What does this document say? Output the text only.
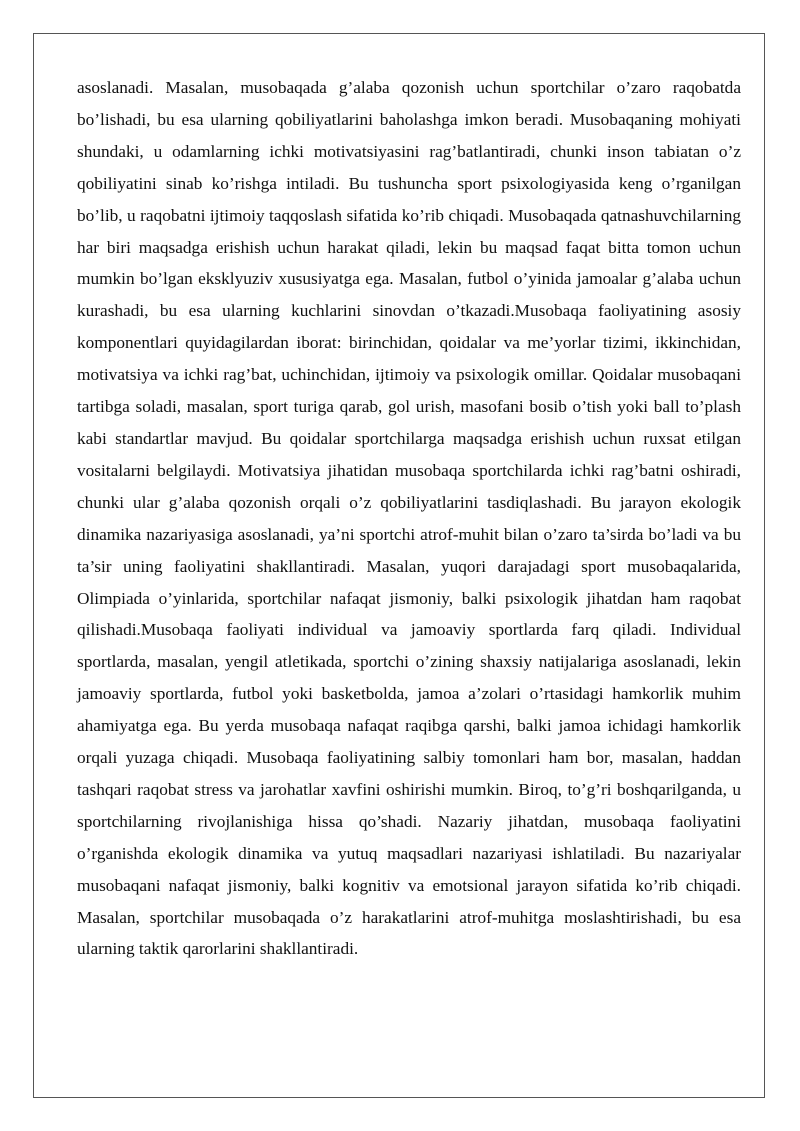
asoslanadi. Masalan, musobaqada g’alaba qozonish uchun sportchilar o’zaro raqobatda bo’lishadi, bu esa ularning qobiliyatlarini baholashga imkon beradi. Musobaqaning mohiyati shundaki, u odamlarning ichki motivatsiyasini rag’batlantiradi, chunki inson tabiatan o’z qobiliyatini sinab ko’rishga intiladi. Bu tushuncha sport psixologiyasida keng o’rganilgan bo’lib, u raqobatni ijtimoiy taqqoslash sifatida ko’rib chiqadi. Musobaqada qatnashuvchilarning har biri maqsadga erishish uchun harakat qiladi, lekin bu maqsad faqat bitta tomon uchun mumkin bo’lgan eksklyuziv xususiyatga ega. Masalan, futbol o’yinida jamoalar g’alaba uchun kurashadi, bu esa ularning kuchlarini sinovdan o’tkazadi.Musobaqa faoliyatining asosiy komponentlari quyidagilardan iborat: birinchidan, qoidalar va me’yorlar tizimi, ikkinchidan, motivatsiya va ichki rag’bat, uchinchidan, ijtimoiy va psixologik omillar. Qoidalar musobaqani tartibga soladi, masalan, sport turiga qarab, gol urish, masofani bosib o’tish yoki ball to’plash kabi standartlar mavjud. Bu qoidalar sportchilarga maqsadga erishish uchun ruxsat etilgan vositalarni belgilaydi. Motivatsiya jihatidan musobaqa sportchilarda ichki rag’batni oshiradi, chunki ular g’alaba qozonish orqali o’z qobiliyatlarini tasdiqlashadi. Bu jarayon ekologik dinamika nazariyasiga asoslanadi, ya’ni sportchi atrof-muhit bilan o’zaro ta’sirda bo’ladi va bu ta’sir uning faoliyatini shakllantiradi. Masalan, yuqori darajadagi sport musobaqalarida, Olimpiada o’yinlarida, sportchilar nafaqat jismoniy, balki psixologik jihatdan ham raqobat qilishadi.Musobaqa faoliyati individual va jamoaviy sportlarda farq qiladi. Individual sportlarda, masalan, yengil atletikada, sportchi o’zining shaxsiy natijalariga asoslanadi, lekin jamoaviy sportlarda, futbol yoki basketbolda, jamoa a’zolari o’rtasidagi hamkorlik muhim ahamiyatga ega. Bu yerda musobaqa nafaqat raqibga qarshi, balki jamoa ichidagi hamkorlik orqali yuzaga chiqadi. Musobaqa faoliyatining salbiy tomonlari ham bor, masalan, haddan tashqari raqobat stress va jarohatlar xavfini oshirishi mumkin. Biroq, to’g’ri boshqarilganda, u sportchilarning rivojlanishiga hissa qo’shadi. Nazariy jihatdan, musobaqa faoliyatini o’rganishda ekologik dinamika va yutuq maqsadlari nazariyasi ishlatiladi. Bu nazariyalar musobaqani nafaqat jismoniy, balki kognitiv va emotsional jarayon sifatida ko’rib chiqadi. Masalan, sportchilar musobaqada o’z harakatlarini atrof-muhitga moslashtirishadi, bu esa ularning taktik qarorlarini shakllantiradi.
